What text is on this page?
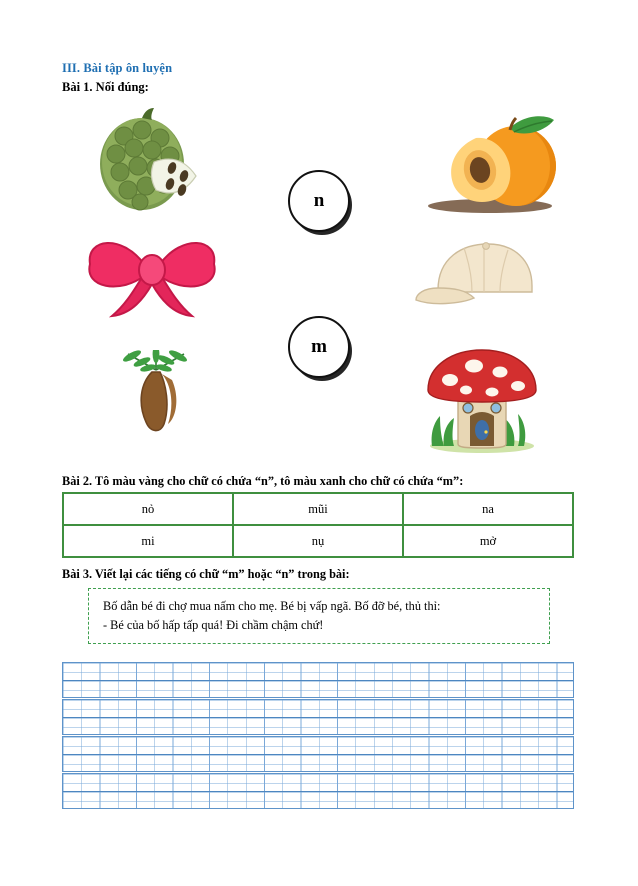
III. Bài tập ôn luyện
Bài 1. Nối đúng:
n
m
Bài 2. Tô màu vàng cho chữ có chứa “n”, tô màu xanh cho chữ có chứa “m”:
nỏ	mũi	na
mi	nụ	mở
Bài 3. Viết lại các tiếng có chữ “m” hoặc “n” trong bài:
Bố dẫn bé đi chợ mua nấm cho mẹ. Bé bị vấp ngã. Bố đỡ bé, thủ thỉ:
- Bé của bố hấp tấp quá! Đi chầm chậm chứ!
